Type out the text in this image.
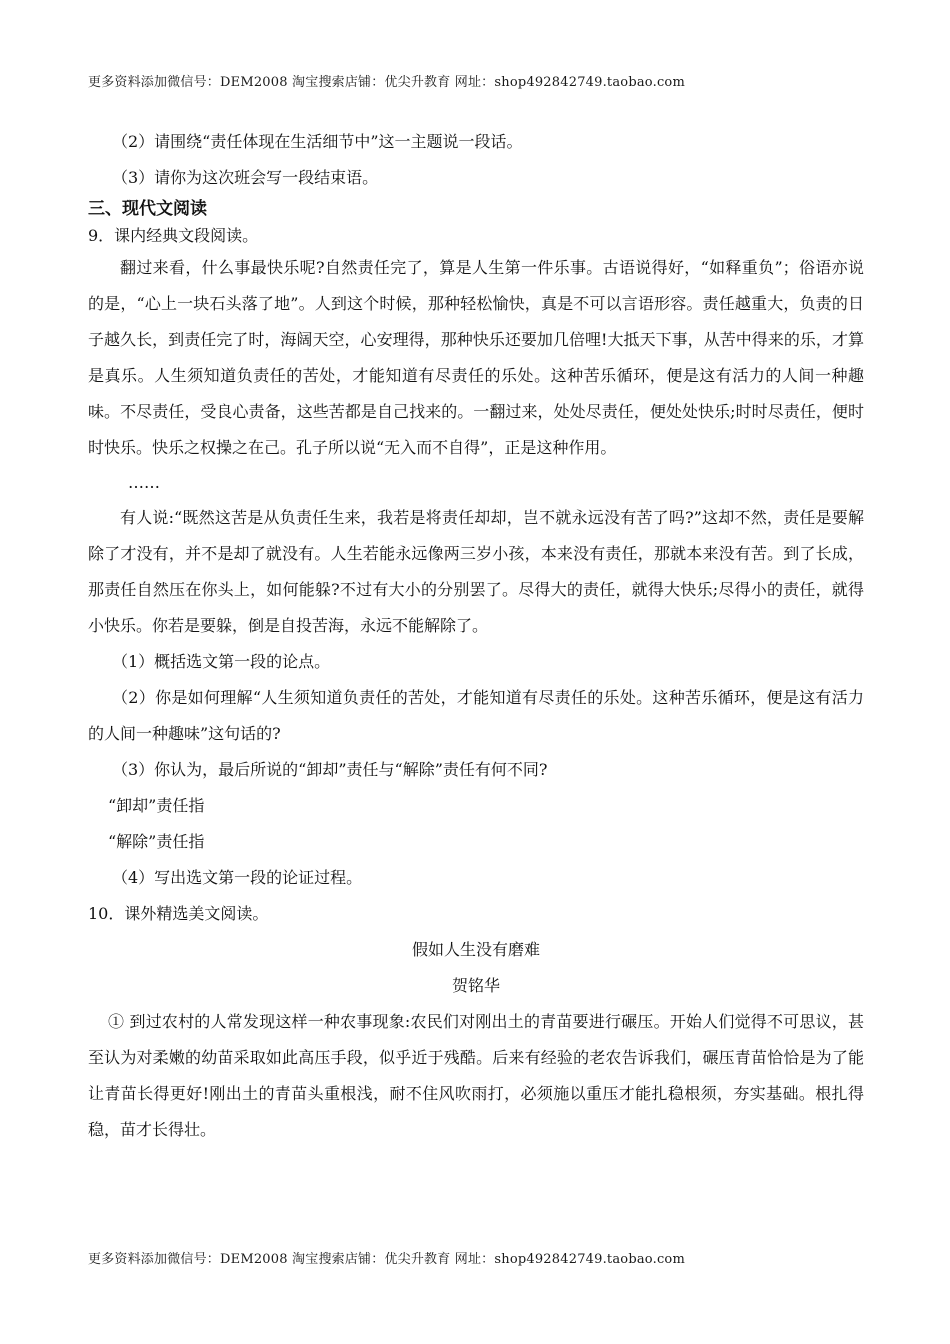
更多资料添加微信号：DEM2008 淘宝搜索店铺：优尖升教育 网址：shop492842749.taobao.com

（2）请围绕“责任体现在生活细节中”这一主题说一段话。

（3）请你为这次班会写一段结束语。

三、现代文阅读

9．课内经典文段阅读。

翻过来看，什么事最快乐呢?自然责任完了，算是人生第一件乐事。古语说得好，“如释重负”；俗语亦说的是，“心上一块石头落了地”。人到这个时候，那种轻松愉快，真是不可以言语形容。责任越重大，负责的日子越久长，到责任完了时，海阔天空，心安理得，那种快乐还要加几倍哩!大抵天下事，从苦中得来的乐，才算是真乐。人生须知道负责任的苦处，才能知道有尽责任的乐处。这种苦乐循环，便是这有活力的人间一种趣味。不尽责任，受良心责备，这些苦都是自己找来的。一翻过来，处处尽责任，便处处快乐;时时尽责任，便时时快乐。快乐之权操之在己。孔子所以说“无入而不自得”，正是这种作用。

……

有人说:“既然这苦是从负责任生来，我若是将责任却却，岂不就永远没有苦了吗?”这却不然，责任是要解除了才没有，并不是却了就没有。人生若能永远像两三岁小孩，本来没有责任，那就本来没有苦。到了长成，那责任自然压在你头上，如何能躲?不过有大小的分别罢了。尽得大的责任，就得大快乐;尽得小的责任，就得小快乐。你若是要躲，倒是自投苦海，永远不能解除了。

（1）概括选文第一段的论点。

（2）你是如何理解“人生须知道负责任的苦处，才能知道有尽责任的乐处。这种苦乐循环，便是这有活力的人间一种趣味”这句话的?

（3）你认为，最后所说的“卸却”责任与“解除”责任有何不同?

“卸却”责任指

“解除”责任指

（4）写出选文第一段的论证过程。

10．课外精选美文阅读。

假如人生没有磨难

贺铭华

① 到过农村的人常发现这样一种农事现象:农民们对刚出土的青苗要进行碾压。开始人们觉得不可思议，甚至认为对柔嫩的幼苗采取如此高压手段，似乎近于残酷。后来有经验的老农告诉我们，碾压青苗恰恰是为了能让青苗长得更好!刚出土的青苗头重根浅，耐不住风吹雨打，必须施以重压才能扎稳根须，夯实基础。根扎得稳，苗才长得壮。

更多资料添加微信号：DEM2008 淘宝搜索店铺：优尖升教育 网址：shop492842749.taobao.com
